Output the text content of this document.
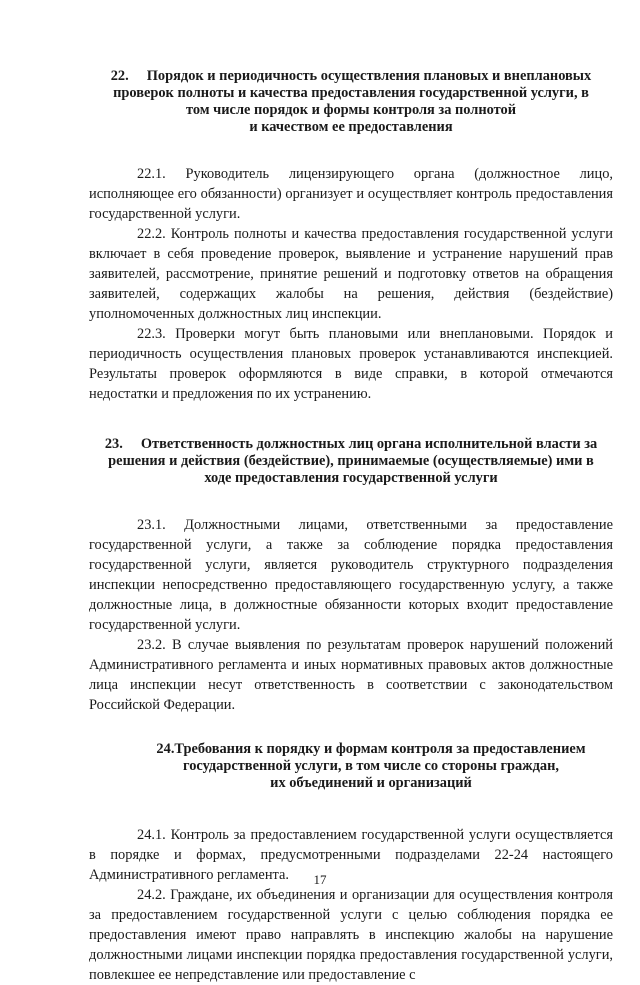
22. Порядок и периодичность осуществления плановых и внеплановых
проверок полноты и качества предоставления государственной услуги, в
том числе порядок и формы контроля за полнотой
и качеством ее предоставления

22.1. Руководитель лицензирующего органа (должностное лицо, исполняющее его обязанности) организует и осуществляет контроль предоставления государственной услуги.

22.2. Контроль полноты и качества предоставления государственной услуги включает в себя проведение проверок, выявление и устранение нарушений прав заявителей, рассмотрение, принятие решений и подготовку ответов на обращения заявителей, содержащих жалобы на решения, действия (бездействие) уполномоченных должностных лиц инспекции.

22.3. Проверки могут быть плановыми или внеплановыми. Порядок и периодичность осуществления плановых проверок устанавливаются инспекцией. Результаты проверок оформляются в виде справки, в которой отмечаются недостатки и предложения по их устранению.

23. Ответственность должностных лиц органа исполнительной власти за
решения и действия (бездействие), принимаемые (осуществляемые) ими в
ходе предоставления государственной услуги

23.1. Должностными лицами, ответственными за предоставление государственной услуги, а также за соблюдение порядка предоставления государственной услуги, является руководитель структурного подразделения инспекции непосредственно предоставляющего государственную услугу, а также должностные лица, в должностные обязанности которых входит предоставление государственной услуги.

23.2. В случае выявления по результатам проверок нарушений положений Административного регламента и иных нормативных правовых актов должностные лица инспекции несут ответственность в соответствии с законодательством Российской Федерации.

24.Требования к порядку и формам контроля за предоставлением
государственной услуги, в том числе со стороны граждан,
их объединений и организаций

24.1. Контроль за предоставлением государственной услуги осуществляется в порядке и формах, предусмотренными подразделами 22-24 настоящего Административного регламента.

24.2. Граждане, их объединения и организации для осуществления контроля за предоставлением государственной услуги с целью соблюдения порядка ее предоставления имеют право направлять в инспекцию жалобы на нарушение должностными лицами инспекции порядка предоставления государственной услуги, повлекшее ее непредставление или предоставление с

17
